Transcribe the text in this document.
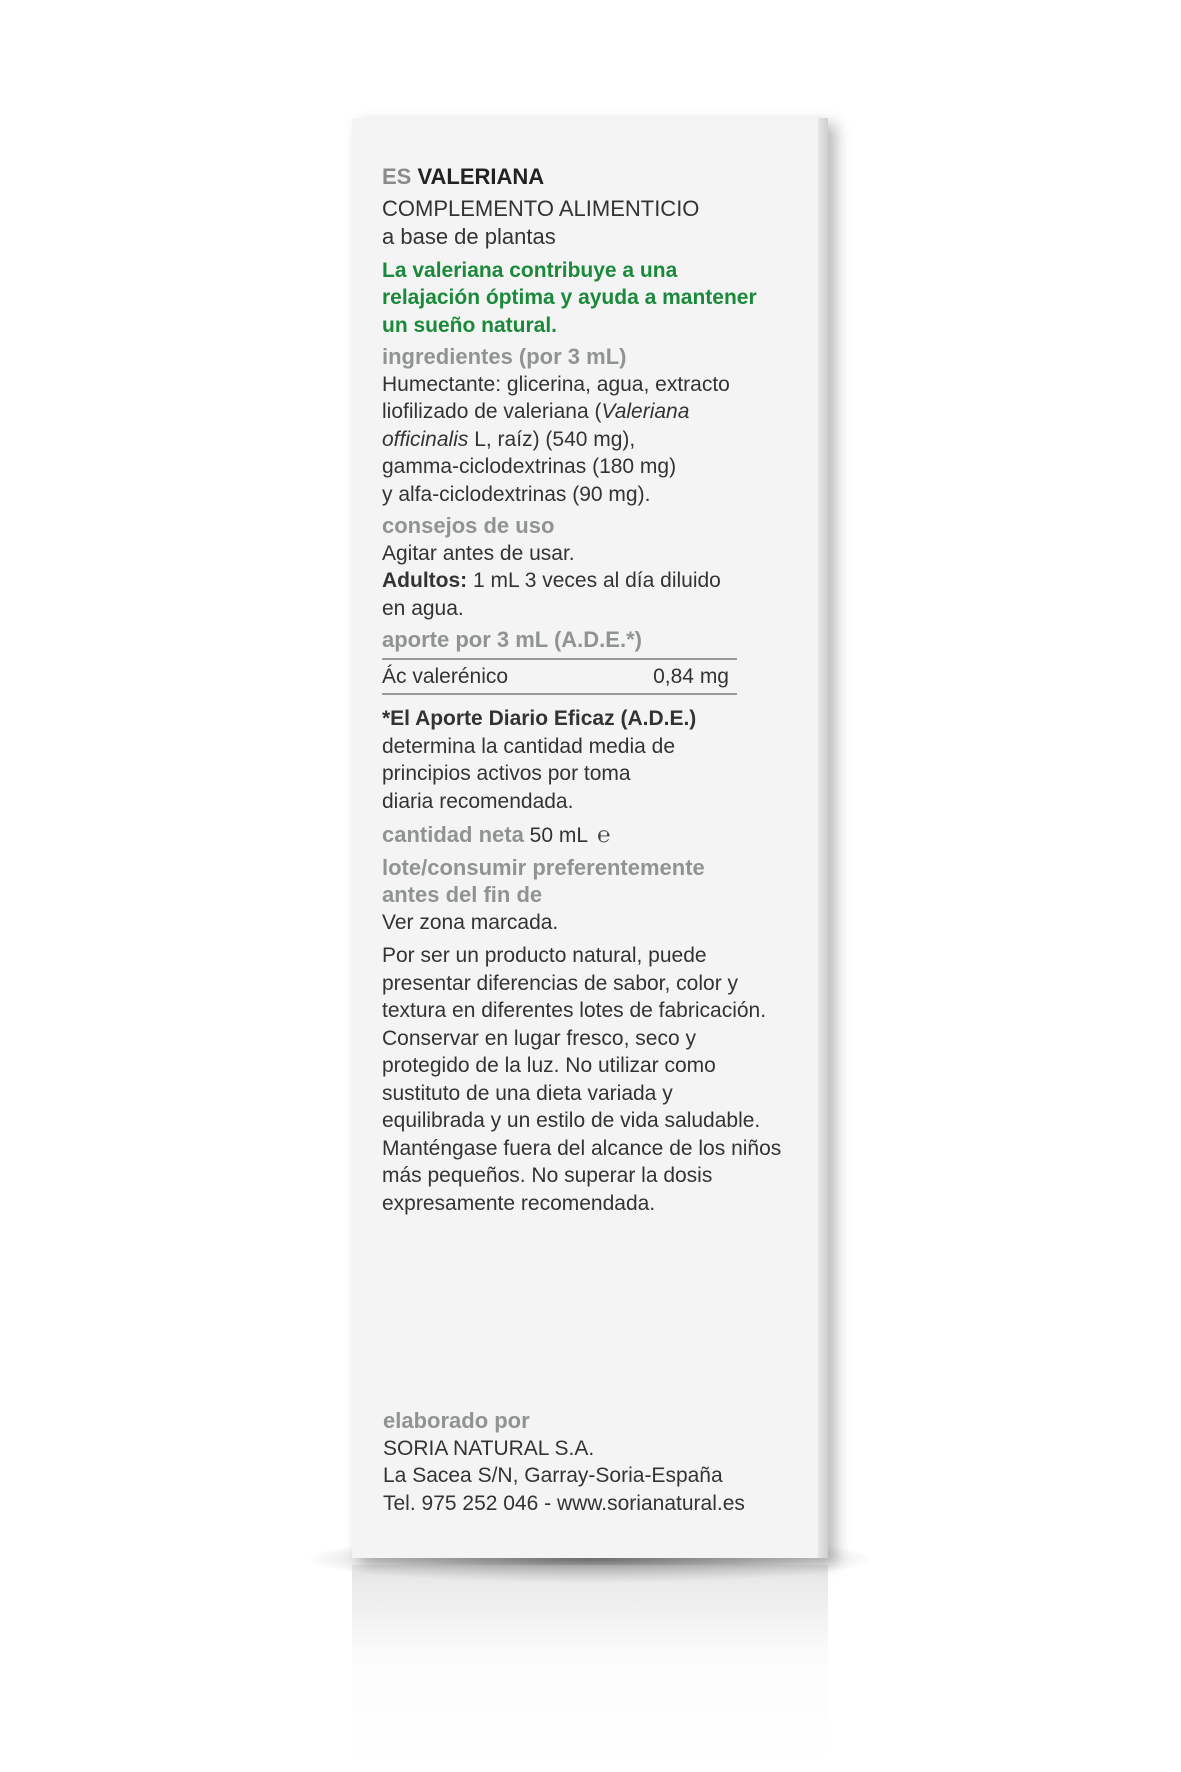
ES VALERIANA
COMPLEMENTO ALIMENTICIO
a base de plantas
La valeriana contribuye a una
relajación óptima y ayuda a mantener
un sueño natural.
ingredientes (por 3 mL)
Humectante: glicerina, agua, extracto
liofilizado de valeriana (Valeriana
officinalis L, raíz) (540 mg),
gamma-ciclodextrinas (180 mg)
y alfa-ciclodextrinas (90 mg).
consejos de uso
Agitar antes de usar.
Adultos: 1 mL 3 veces al día diluido
en agua.
aporte por 3 mL (A.D.E.*)
Ác valerénico	0,84 mg
*El Aporte Diario Eficaz (A.D.E.)
determina la cantidad media de
principios activos por toma
diaria recomendada.
cantidad neta 50 mL ℮
lote/consumir preferentemente
antes del fin de
Ver zona marcada.
Por ser un producto natural, puede
presentar diferencias de sabor, color y
textura en diferentes lotes de fabricación.
Conservar en lugar fresco, seco y
protegido de la luz. No utilizar como
sustituto de una dieta variada y
equilibrada y un estilo de vida saludable.
Manténgase fuera del alcance de los niños
más pequeños. No superar la dosis
expresamente recomendada.
elaborado por
SORIA NATURAL S.A.
La Sacea S/N, Garray-Soria-España
Tel. 975 252 046 - www.sorianatural.es
